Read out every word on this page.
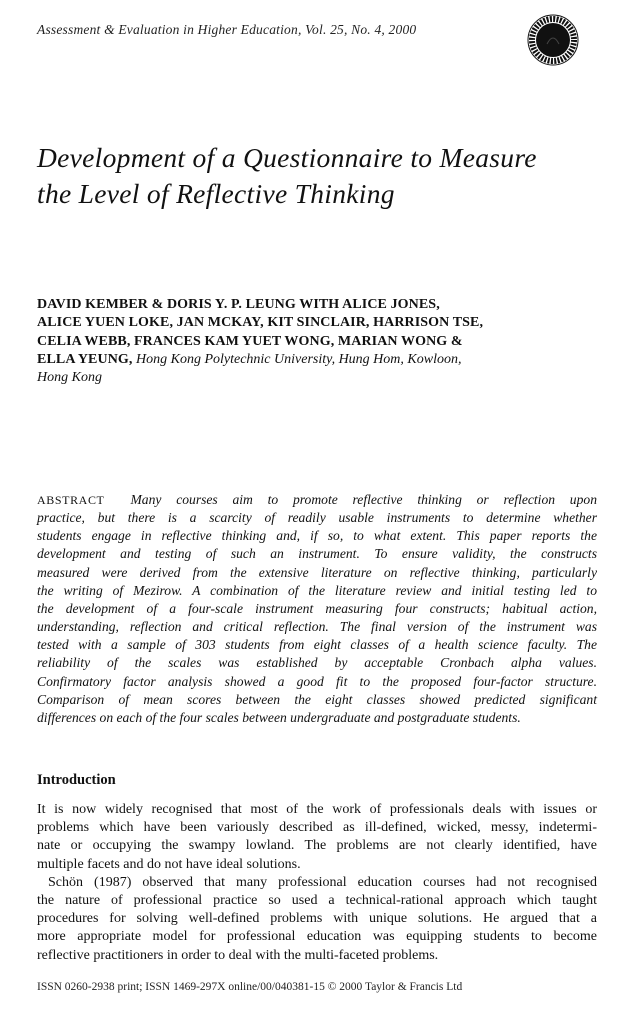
Assessment & Evaluation in Higher Education, Vol. 25, No. 4, 2000
Development of a Questionnaire to Measure
the Level of Reflective Thinking
DAVID KEMBER & DORIS Y. P. LEUNG WITH ALICE JONES,
ALICE YUEN LOKE, JAN MCKAY, KIT SINCLAIR, HARRISON TSE,
CELIA WEBB, FRANCES KAM YUET WONG, MARIAN WONG &
ELLA YEUNG, Hong Kong Polytechnic University, Hung Hom, Kowloon,
Hong Kong
ABSTRACT Many courses aim to promote reflective thinking or reflection upon
practice, but there is a scarcity of readily usable instruments to determine whether
students engage in reflective thinking and, if so, to what extent. This paper reports the
development and testing of such an instrument. To ensure validity, the constructs
measured were derived from the extensive literature on reflective thinking, particularly
the writing of Mezirow. A combination of the literature review and initial testing led to
the development of a four-scale instrument measuring four constructs; habitual action,
understanding, reflection and critical reflection. The final version of the instrument was
tested with a sample of 303 students from eight classes of a health science faculty. The
reliability of the scales was established by acceptable Cronbach alpha values.
Confirmatory factor analysis showed a good fit to the proposed four-factor structure.
Comparison of mean scores between the eight classes showed predicted significant
differences on each of the four scales between undergraduate and postgraduate students.
Introduction
It is now widely recognised that most of the work of professionals deals with issues or
problems which have been variously described as ill-defined, wicked, messy, indetermi-
nate or occupying the swampy lowland. The problems are not clearly identified, have
multiple facets and do not have ideal solutions.
Schön (1987) observed that many professional education courses had not recognised
the nature of professional practice so used a technical-rational approach which taught
procedures for solving well-defined problems with unique solutions. He argued that a
more appropriate model for professional education was equipping students to become
reflective practitioners in order to deal with the multi-faceted problems.
ISSN 0260-2938 print; ISSN 1469-297X online/00/040381-15 © 2000 Taylor & Francis Ltd
